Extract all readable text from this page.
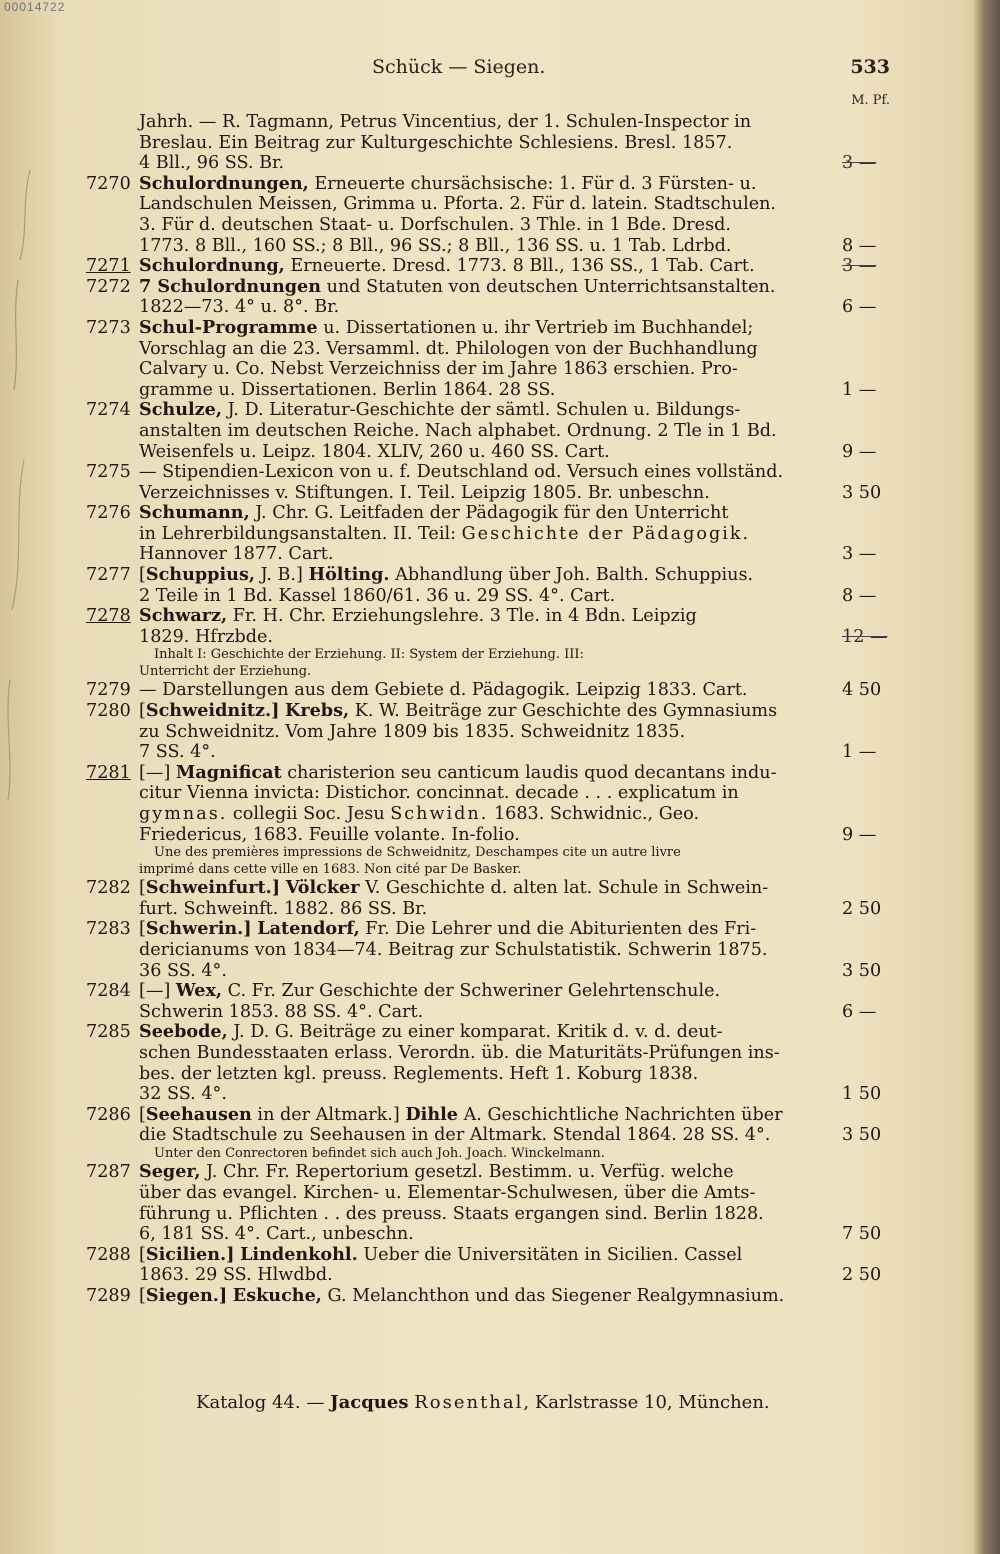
00014722
Schück — Siegen.	533
M. Pf.
Jahrh. — R. Tagmann, Petrus Vincentius, der 1. Schulen-Inspector in
Breslau. Ein Beitrag zur Kulturgeschichte Schlesiens. Bresl. 1857.
4 Bll., 96 SS. Br.	3 —
7270 Schulordnungen, Erneuerte chursächsische: 1. Für d. 3 Fürsten- u.
Landschulen Meissen, Grimma u. Pforta. 2. Für d. latein. Stadtschulen.
3. Für d. deutschen Staat- u. Dorfschulen. 3 Thle. in 1 Bde. Dresd.
1773. 8 Bll., 160 SS.; 8 Bll., 96 SS.; 8 Bll., 136 SS. u. 1 Tab. Ldrbd.	8 —
7271 Schulordnung, Erneuerte. Dresd. 1773. 8 Bll., 136 SS., 1 Tab. Cart.	3 —
7272 7 Schulordnungen und Statuten von deutschen Unterrichtsanstalten.
1822—73. 4° u. 8°. Br.	6 —
7273 Schul-Programme u. Dissertationen u. ihr Vertrieb im Buchhandel;
Vorschlag an die 23. Versamml. dt. Philologen von der Buchhandlung
Calvary u. Co. Nebst Verzeichniss der im Jahre 1863 erschien. Pro-
gramme u. Dissertationen. Berlin 1864. 28 SS.	1 —
7274 Schulze, J. D. Literatur-Geschichte der sämtl. Schulen u. Bildungs-
anstalten im deutschen Reiche. Nach alphabet. Ordnung. 2 Tle in 1 Bd.
Weisenfels u. Leipz. 1804. XLIV, 260 u. 460 SS. Cart.	9 —
7275 — Stipendien-Lexicon von u. f. Deutschland od. Versuch eines vollständ.
Verzeichnisses v. Stiftungen. I. Teil. Leipzig 1805. Br. unbeschn.	3 50
7276 Schumann, J. Chr. G. Leitfaden der Pädagogik für den Unterricht
in Lehrerbildungsanstalten. II. Teil: Geschichte der Pädagogik.
Hannover 1877. Cart.	3 —
7277 [Schuppius, J. B.] Hölting. Abhandlung über Joh. Balth. Schuppius.
2 Teile in 1 Bd. Kassel 1860/61. 36 u. 29 SS. 4°. Cart.	8 —
7278 Schwarz, Fr. H. Chr. Erziehungslehre. 3 Tle. in 4 Bdn. Leipzig
1829. Hfrzbde.	12 —
Inhalt I: Geschichte der Erziehung. II: System der Erziehung. III:
Unterricht der Erziehung.
7279 — Darstellungen aus dem Gebiete d. Pädagogik. Leipzig 1833. Cart.	4 50
7280 [Schweidnitz.] Krebs, K. W. Beiträge zur Geschichte des Gymnasiums
zu Schweidnitz. Vom Jahre 1809 bis 1835. Schweidnitz 1835.
7 SS. 4°.	1 —
7281 [—] Magnificat charisterion seu canticum laudis quod decantans indu-
citur Vienna invicta: Distichor. concinnat. decade . . . explicatum in
gymnas. collegii Soc. Jesu Schwidn. 1683. Schwidnic., Geo.
Friedericus, 1683. Feuille volante. In-folio.	9 —
Une des premières impressions de Schweidnitz, Deschampes cite un autre livre
imprimé dans cette ville en 1683. Non cité par De Basker.
7282 [Schweinfurt.] Völcker V. Geschichte d. alten lat. Schule in Schwein-
furt. Schweinft. 1882. 86 SS. Br.	2 50
7283 [Schwerin.] Latendorf, Fr. Die Lehrer und die Abiturienten des Fri-
dericianums von 1834—74. Beitrag zur Schulstatistik. Schwerin 1875.
36 SS. 4°.	3 50
7284 [—] Wex, C. Fr. Zur Geschichte der Schweriner Gelehrtenschule.
Schwerin 1853. 88 SS. 4°. Cart.	6 —
7285 Seebode, J. D. G. Beiträge zu einer komparat. Kritik d. v. d. deut-
schen Bundesstaaten erlass. Verordn. üb. die Maturitäts-Prüfungen ins-
bes. der letzten kgl. preuss. Reglements. Heft 1. Koburg 1838.
32 SS. 4°.	1 50
7286 [Seehausen in der Altmark.] Dihle A. Geschichtliche Nachrichten über
die Stadtschule zu Seehausen in der Altmark. Stendal 1864. 28 SS. 4°.	3 50
Unter den Conrectoren befindet sich auch Joh. Joach. Winckelmann.
7287 Seger, J. Chr. Fr. Repertorium gesetzl. Bestimm. u. Verfüg. welche
über das evangel. Kirchen- u. Elementar-Schulwesen, über die Amts-
führung u. Pflichten . . des preuss. Staats ergangen sind. Berlin 1828.
6, 181 SS. 4°. Cart., unbeschn.	7 50
7288 [Sicilien.] Lindenkohl. Ueber die Universitäten in Sicilien. Cassel
1863. 29 SS. Hlwdbd.	2 50
7289 [Siegen.] Eskuche, G. Melanchthon und das Siegener Realgymnasium.
Katalog 44. — Jacques Rosenthal, Karlstrasse 10, München.
